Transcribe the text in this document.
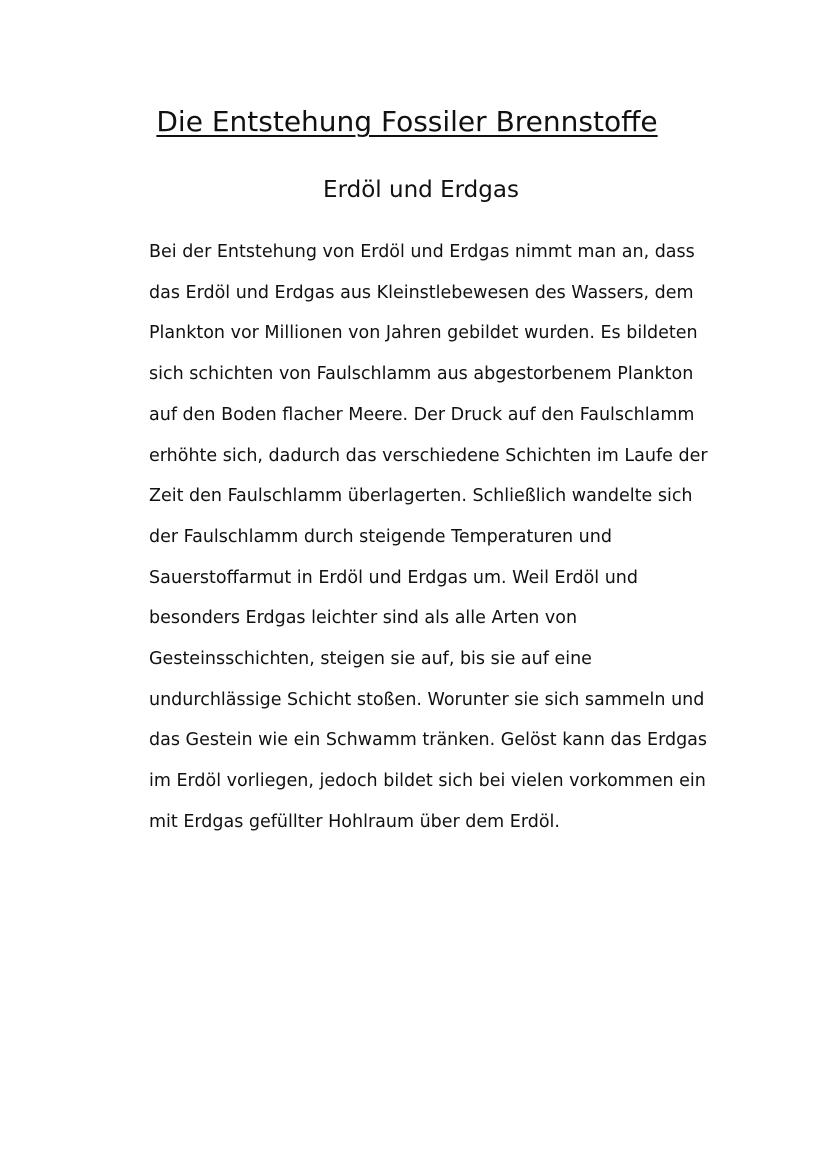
Die Entstehung Fossiler Brennstoffe
Erdöl und Erdgas
Bei der Entstehung von Erdöl und Erdgas nimmt man an, dass
das Erdöl und Erdgas aus Kleinstlebewesen des Wassers, dem
Plankton vor Millionen von Jahren gebildet wurden. Es bildeten
sich schichten von Faulschlamm aus abgestorbenem Plankton
auf den Boden flacher Meere. Der Druck auf den Faulschlamm
erhöhte sich, dadurch das verschiedene Schichten im Laufe der
Zeit den Faulschlamm überlagerten. Schließlich wandelte sich
der Faulschlamm durch steigende Temperaturen und
Sauerstoffarmut in Erdöl und Erdgas um. Weil Erdöl und
besonders Erdgas leichter sind als alle Arten von
Gesteinsschichten, steigen sie auf, bis sie auf eine
undurchlässige Schicht stoßen. Worunter sie sich sammeln und
das Gestein wie ein Schwamm tränken. Gelöst kann das Erdgas
im Erdöl vorliegen, jedoch bildet sich bei vielen vorkommen ein
mit Erdgas gefüllter Hohlraum über dem Erdöl.
